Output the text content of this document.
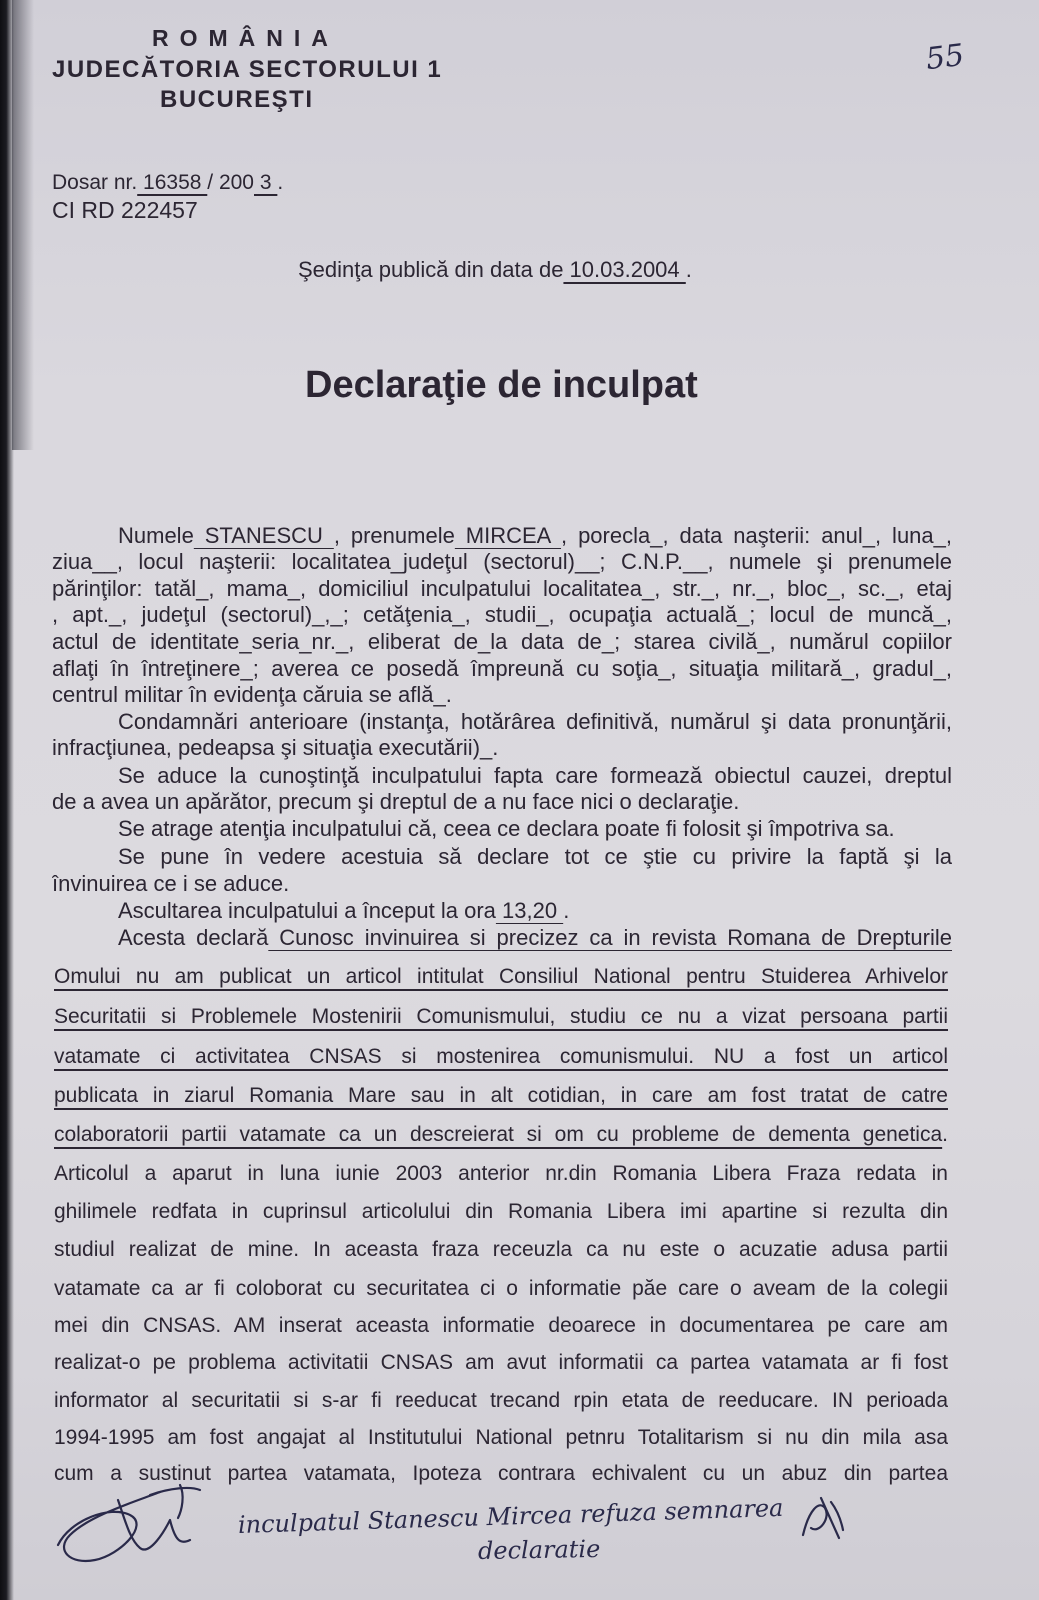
ROMÂNIA
JUDECĂTORIA SECTORULUI 1
BUCUREŞTI
55
Dosar nr. 16358 / 200 3 .
CI RD 222457
Şedinţa publică din data de 10.03.2004 .
Declaraţie de inculpat
Numele STANESCU , prenumele MIRCEA , porecla_, data naşterii: anul_, luna_,
ziua__, locul naşterii: localitatea_judeţul (sectorul)__; C.N.P.__, numele şi prenumele
părinţilor: tatăl_, mama_, domiciliul inculpatului localitatea_, str._, nr._, bloc_, sc._, etaj
, apt._, judeţul (sectorul)_,_; cetăţenia_, studii_, ocupaţia actuală_; locul de muncă_,
actul de identitate_seria_nr._, eliberat de_la data de_; starea civilă_, numărul copiilor
aflaţi în întreţinere_; averea ce posedă împreună cu soţia_, situaţia militară_, gradul_,
centrul militar în evidenţa căruia se află_.
Condamnări anterioare (instanţa, hotărârea definitivă, numărul şi data pronunţării,
infracţiunea, pedeapsa şi situaţia executării)_.
Se aduce la cunoştinţă inculpatului fapta care formează obiectul cauzei, dreptul
de a avea un apărător, precum şi dreptul de a nu face nici o declaraţie.
Se atrage atenţia inculpatului că, ceea ce declara poate fi folosit şi împotriva sa.
Se pune în vedere acestuia să declare tot ce ştie cu privire la faptă şi la
învinuirea ce i se aduce.
Ascultarea inculpatului a început la ora 13,20 .
Acesta declară Cunosc invinuirea si precizez ca in revista Romana de Drepturile
Omului nu am publicat un articol intitulat Consiliul National pentru Stuiderea Arhivelor
Securitatii si Problemele Mostenirii Comunismului, studiu ce nu a vizat persoana partii
vatamate ci activitatea CNSAS si mostenirea comunismului. NU a fost un articol
publicata in ziarul Romania Mare sau in alt cotidian, in care am fost tratat de catre
colaboratorii partii vatamate ca un descreierat si om cu probleme de dementa genetica.
Articolul a aparut in luna iunie 2003 anterior nr.din Romania Libera Fraza redata in
ghilimele redfata in cuprinsul articolului din Romania Libera imi apartine si rezulta din
studiul realizat de mine. In aceasta fraza receuzla ca nu este o acuzatie adusa partii
vatamate ca ar fi coloborat cu securitatea ci o informatie păe care o aveam de la colegii
mei din CNSAS. AM inserat aceasta informatie deoarece in documentarea pe care am
realizat-o pe problema activitatii CNSAS am avut informatii ca partea vatamata ar fi fost
informator al securitatii si s-ar fi reeducat trecand rpin etata de reeducare. IN perioada
1994-1995 am fost angajat al Institutului National petnru Totalitarism si nu din mila asa
cum a sustinut partea vatamata, Ipoteza contrara echivalent cu un abuz din partea
inculpatul Stanescu Mircea refuza semnarea
declaratie
